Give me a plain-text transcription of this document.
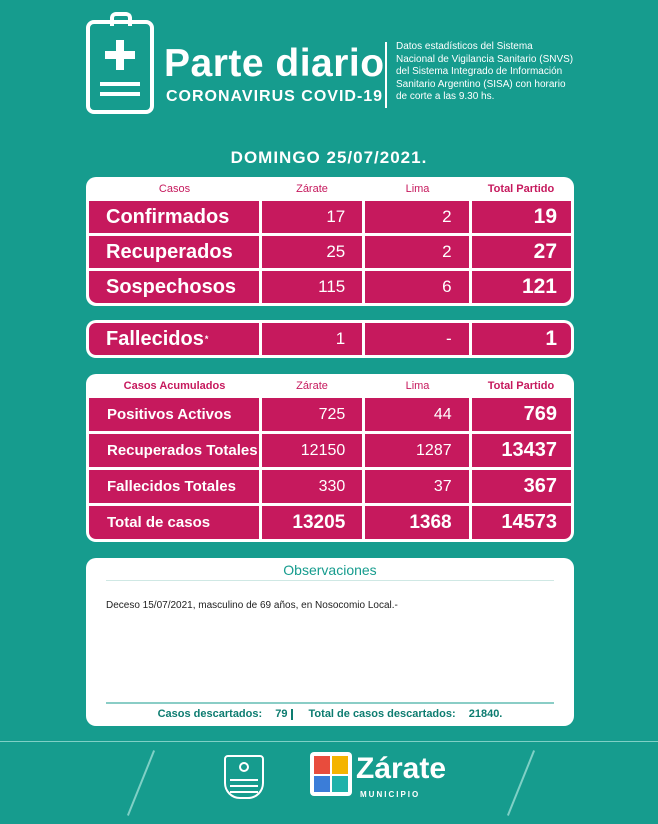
Parte diario
CORONAVIRUS COVID-19
Datos estadísticos del Sistema Nacional de Vigilancia Sanitario (SNVS) del Sistema Integrado de Información Sanitario Argentino (SISA) con horario de corte a las 9.30 hs.
DOMINGO 25/07/2021.
Casos	Zárate	Lima	Total Partido
Confirmados	17	2	19
Recuperados	25	2	27
Sospechosos	115	6	121
Fallecidos *	1	-	1
Casos Acumulados	Zárate	Lima	Total Partido
Positivos Activos	725	44	769
Recuperados Totales	12150	1287	13437
Fallecidos Totales	330	37	367
Total de casos	13205	1368	14573
Observaciones
Deceso 15/07/2021, masculino de 69 años, en Nosocomio Local.-
Casos descartados: 79 Total de casos descartados: 21840.
Zárate
MUNICIPIO
